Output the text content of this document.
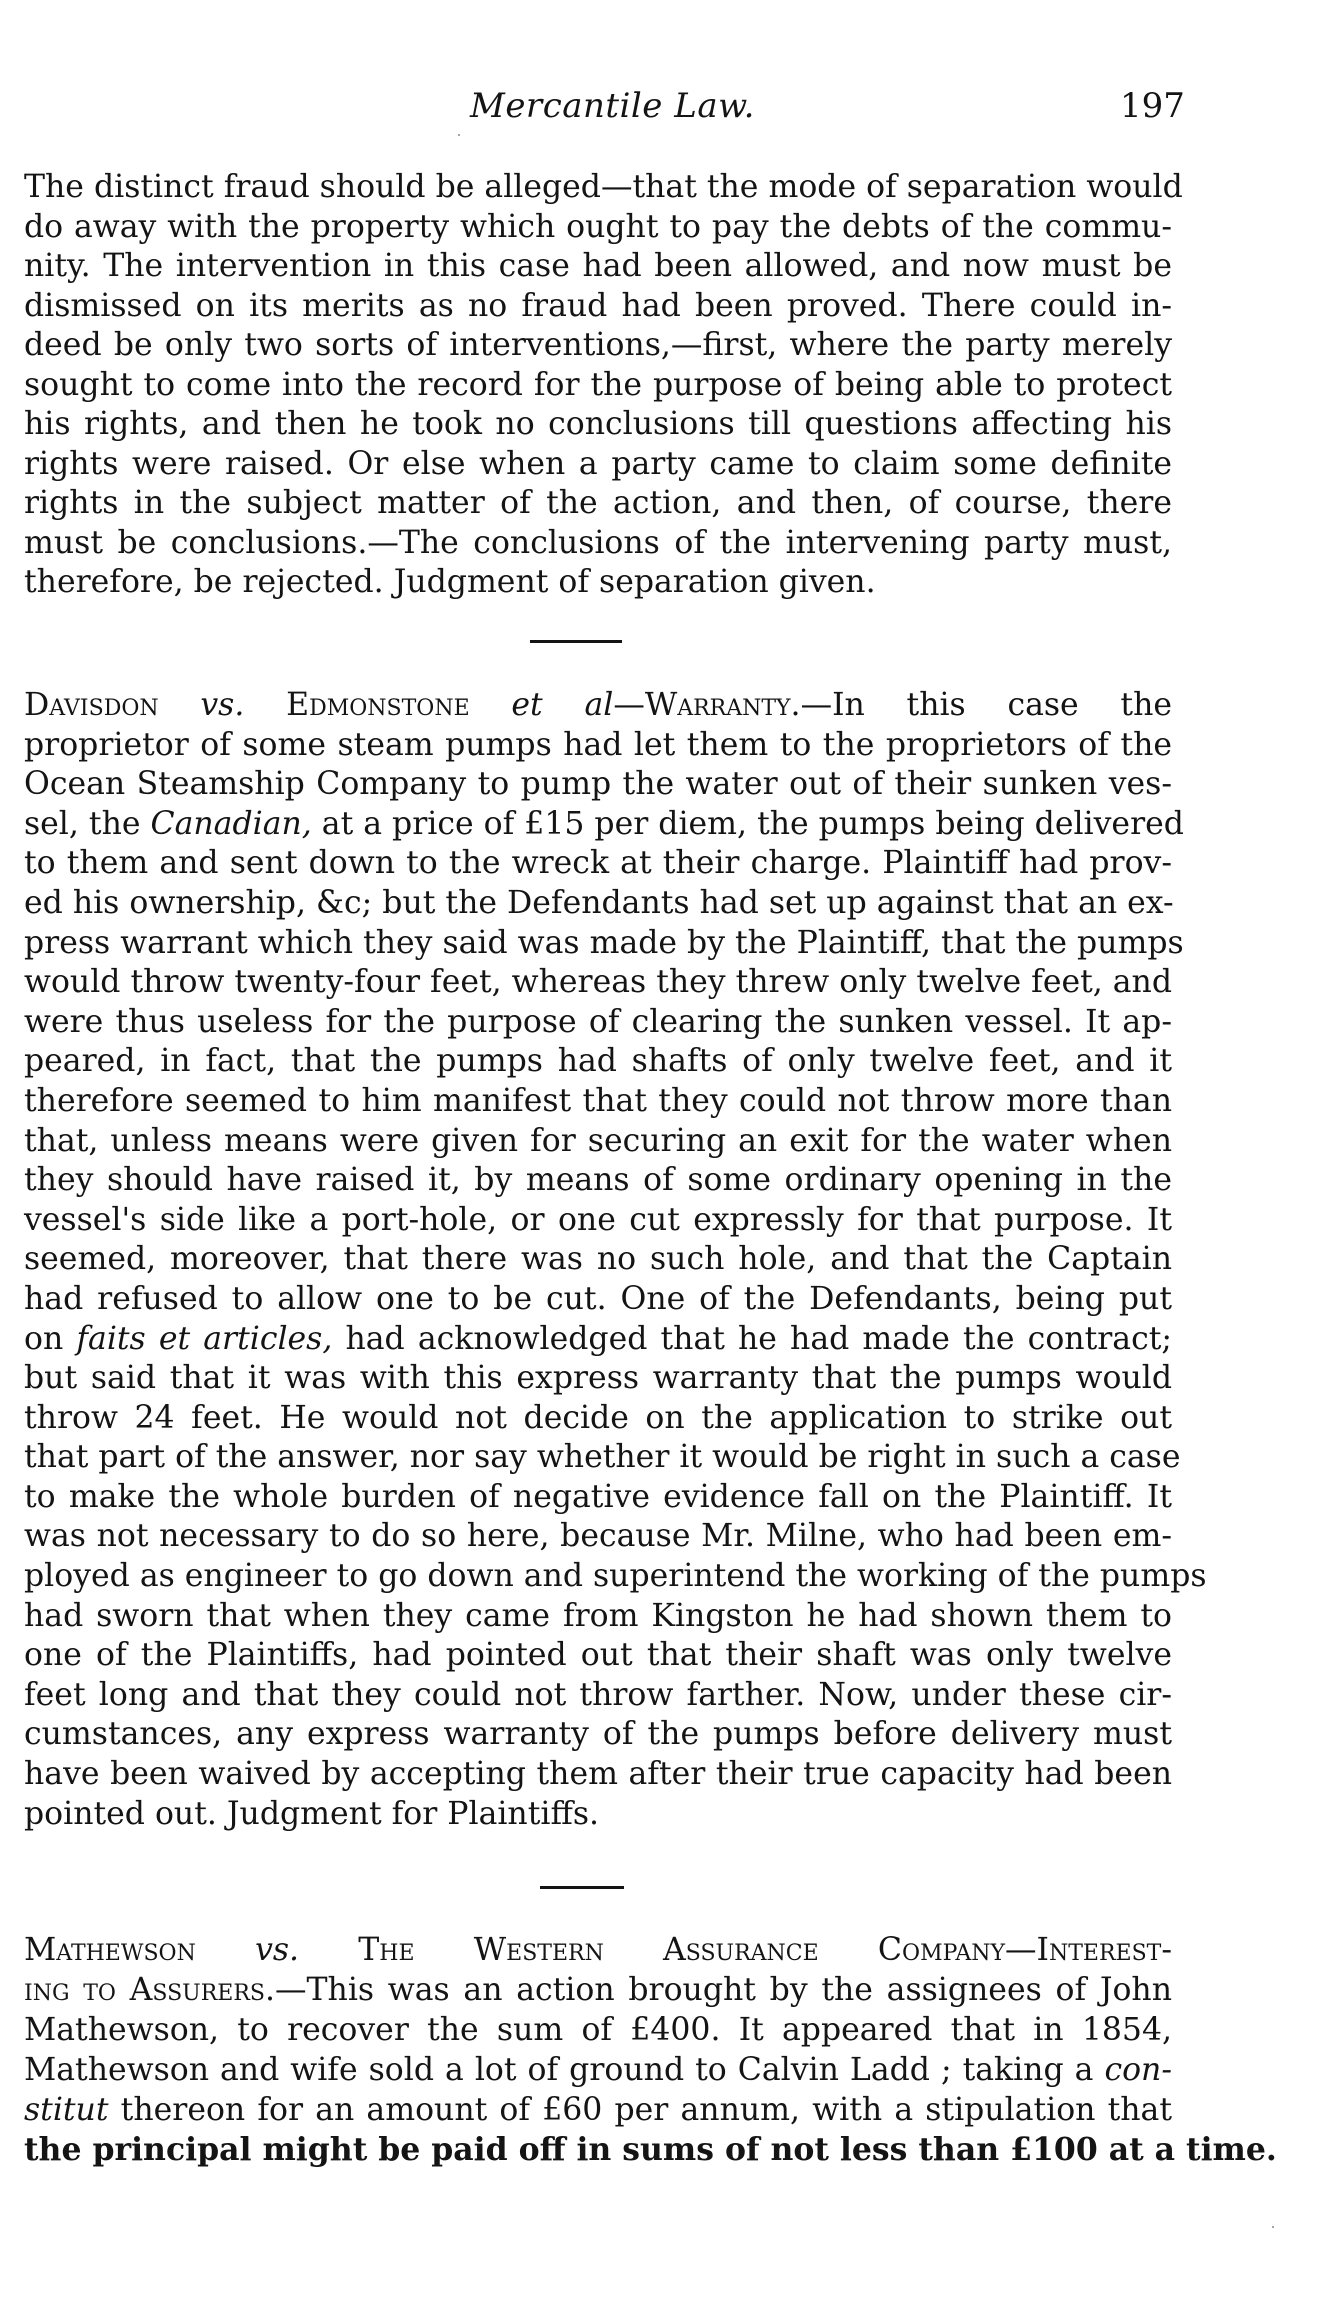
Mercantile Law.	197
The distinct fraud should be alleged—that the mode of separation would
do away with the property which ought to pay the debts of the commu-
nity. The intervention in this case had been allowed, and now must be
dismissed on its merits as no fraud had been proved. There could in-
deed be only two sorts of interventions,—first, where the party merely
sought to come into the record for the purpose of being able to protect
his rights, and then he took no conclusions till questions affecting his
rights were raised. Or else when a party came to claim some definite
rights in the subject matter of the action, and then, of course, there
must be conclusions.—The conclusions of the intervening party must,
therefore, be rejected. Judgment of separation given.
Davisdon vs. Edmonstone et al—Warranty.—In this case the
proprietor of some steam pumps had let them to the proprietors of the
Ocean Steamship Company to pump the water out of their sunken ves-
sel, the Canadian, at a price of £15 per diem, the pumps being delivered
to them and sent down to the wreck at their charge. Plaintiff had prov-
ed his ownership, &c; but the Defendants had set up against that an ex-
press warrant which they said was made by the Plaintiff, that the pumps
would throw twenty-four feet, whereas they threw only twelve feet, and
were thus useless for the purpose of clearing the sunken vessel. It ap-
peared, in fact, that the pumps had shafts of only twelve feet, and it
therefore seemed to him manifest that they could not throw more than
that, unless means were given for securing an exit for the water when
they should have raised it, by means of some ordinary opening in the
vessel's side like a port-hole, or one cut expressly for that purpose. It
seemed, moreover, that there was no such hole, and that the Captain
had refused to allow one to be cut. One of the Defendants, being put
on faits et articles, had acknowledged that he had made the contract;
but said that it was with this express warranty that the pumps would
throw 24 feet. He would not decide on the application to strike out
that part of the answer, nor say whether it would be right in such a case
to make the whole burden of negative evidence fall on the Plaintiff. It
was not necessary to do so here, because Mr. Milne, who had been em-
ployed as engineer to go down and superintend the working of the pumps
had sworn that when they came from Kingston he had shown them to
one of the Plaintiffs, had pointed out that their shaft was only twelve
feet long and that they could not throw farther. Now, under these cir-
cumstances, any express warranty of the pumps before delivery must
have been waived by accepting them after their true capacity had been
pointed out. Judgment for Plaintiffs.
Mathewson vs. The Western Assurance Company—Interest-
ing to Assurers.—This was an action brought by the assignees of John
Mathewson, to recover the sum of £400. It appeared that in 1854,
Mathewson and wife sold a lot of ground to Calvin Ladd ; taking a con-
stitut thereon for an amount of £60 per annum, with a stipulation that
the principal might be paid off in sums of not less than £100 at a time.
